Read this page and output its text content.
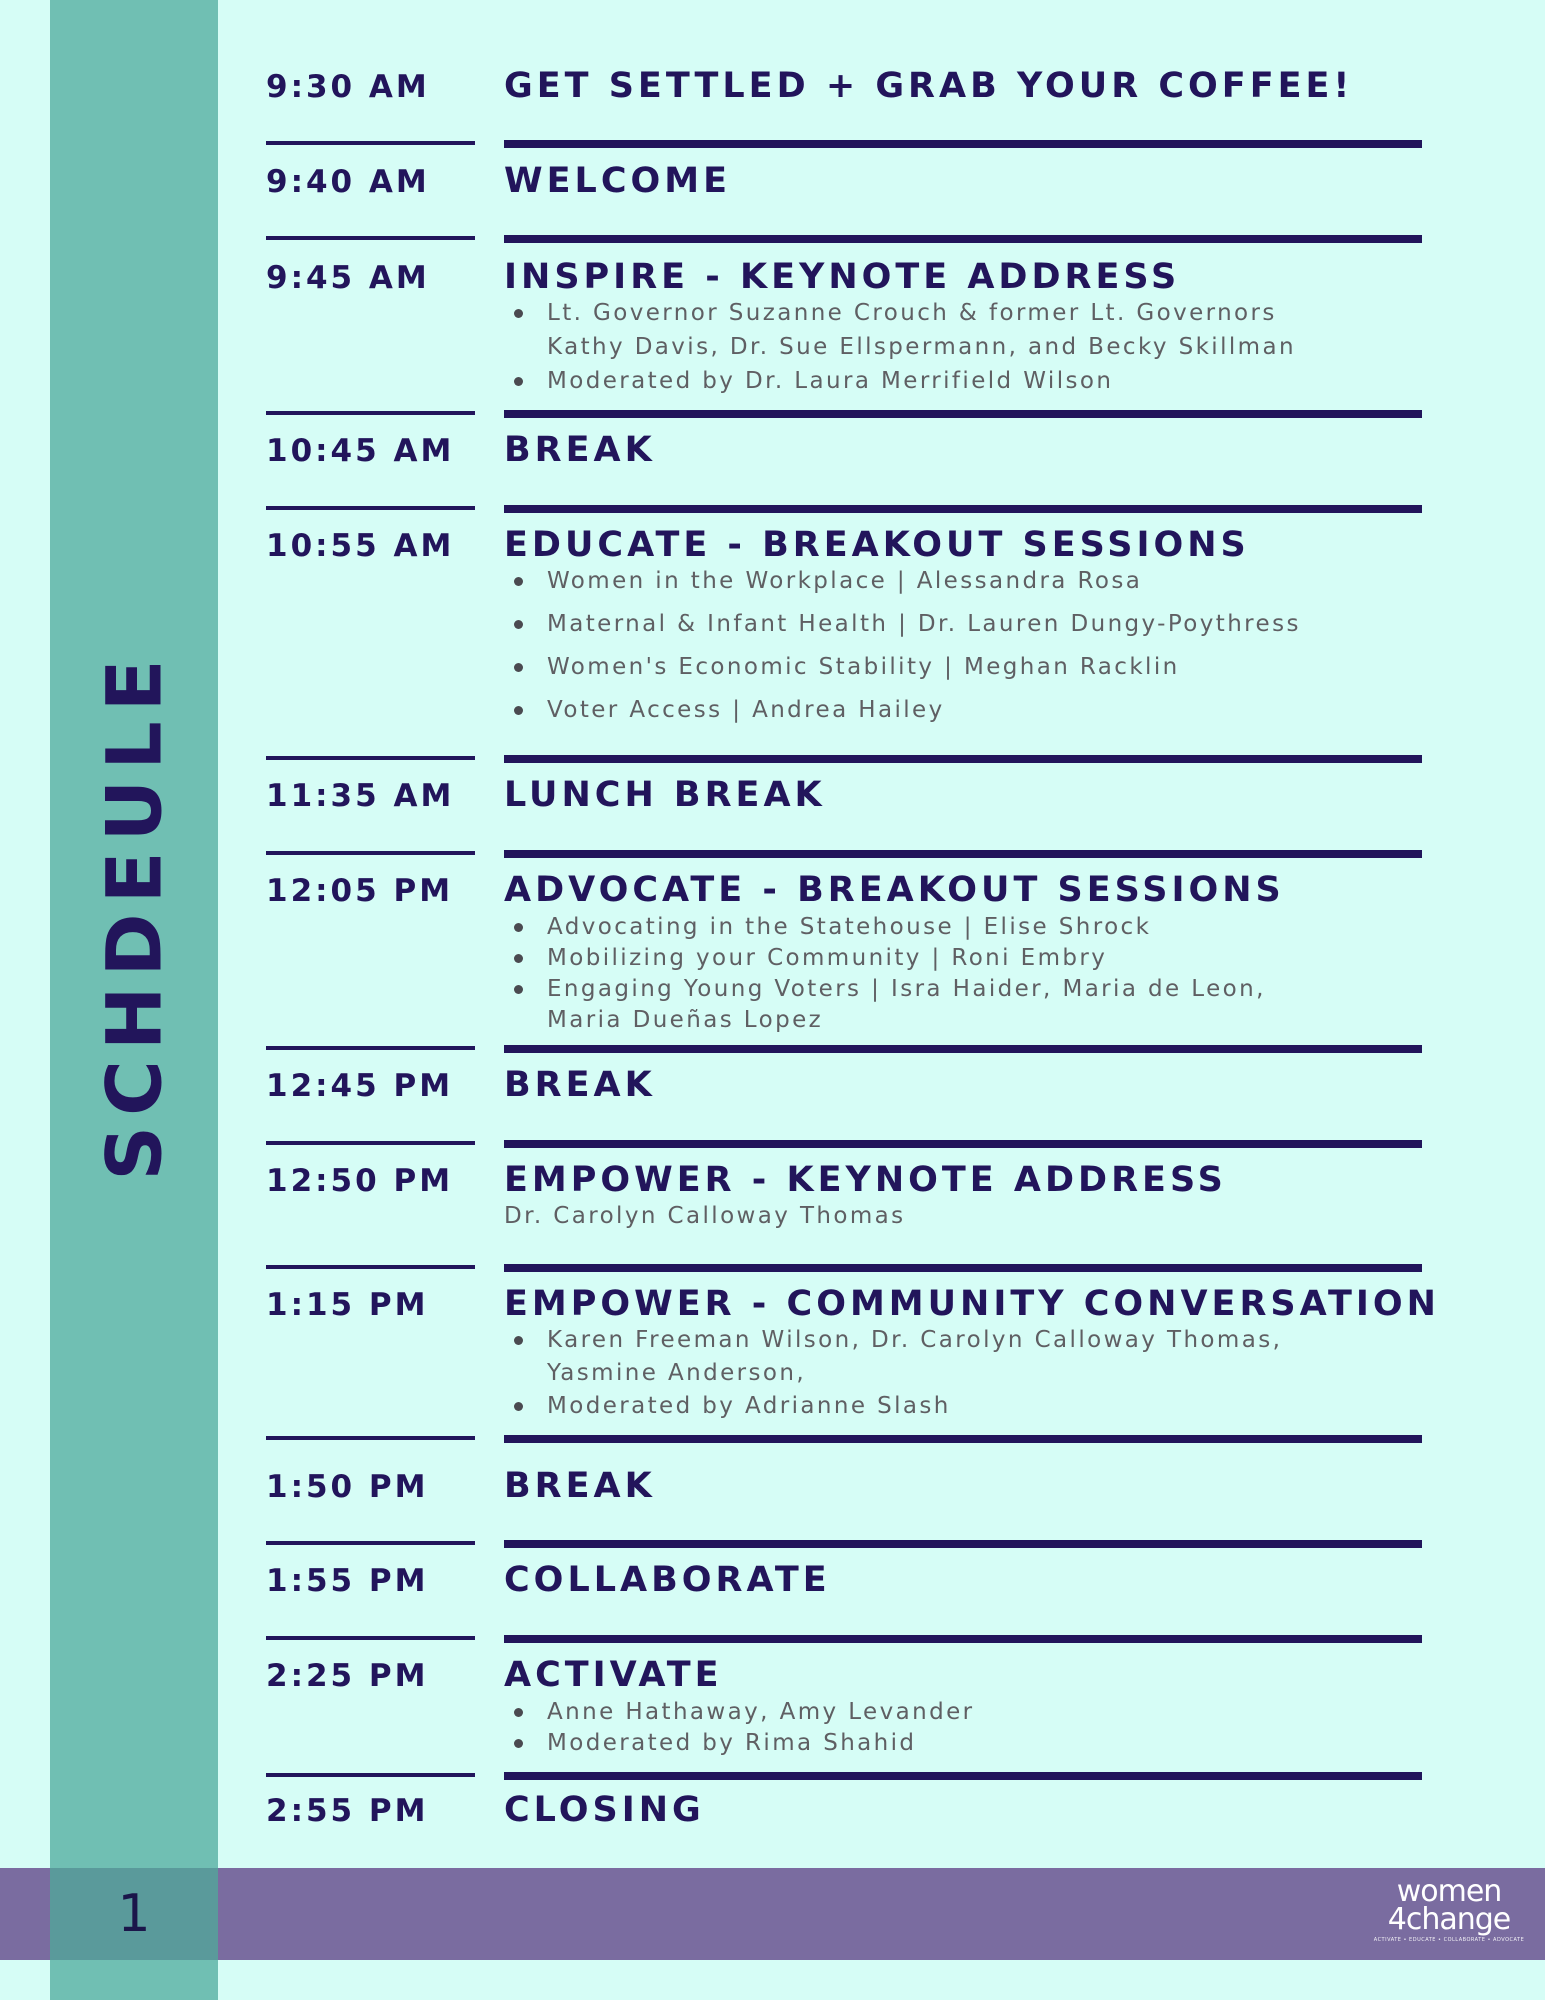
SCHDEULE
9:30 AM GET SETTLED + GRAB YOUR COFFEE!
9:40 AM WELCOME
9:45 AM INSPIRE - KEYNOTE ADDRESS
Lt. Governor Suzanne Crouch & former Lt. Governors
Kathy Davis, Dr. Sue Ellspermann, and Becky Skillman
Moderated by Dr. Laura Merrifield Wilson
10:45 AM BREAK
10:55 AM EDUCATE - BREAKOUT SESSIONS
Women in the Workplace | Alessandra Rosa
Maternal & Infant Health | Dr. Lauren Dungy-Poythress
Women's Economic Stability | Meghan Racklin
Voter Access | Andrea Hailey
11:35 AM LUNCH BREAK
12:05 PM ADVOCATE - BREAKOUT SESSIONS
Advocating in the Statehouse | Elise Shrock
Mobilizing your Community | Roni Embry
Engaging Young Voters | Isra Haider, Maria de Leon,
Maria Dueñas Lopez
12:45 PM BREAK
12:50 PM EMPOWER - KEYNOTE ADDRESS
Dr. Carolyn Calloway Thomas
1:15 PM EMPOWER - COMMUNITY CONVERSATION
Karen Freeman Wilson, Dr. Carolyn Calloway Thomas,
Yasmine Anderson,
Moderated by Adrianne Slash
1:50 PM BREAK
1:55 PM COLLABORATE
2:25 PM ACTIVATE
Anne Hathaway, Amy Levander
Moderated by Rima Shahid
2:55 PM CLOSING
1	women
4change
ACTIVATE • EDUCATE • COLLABORATE • ADVOCATE
